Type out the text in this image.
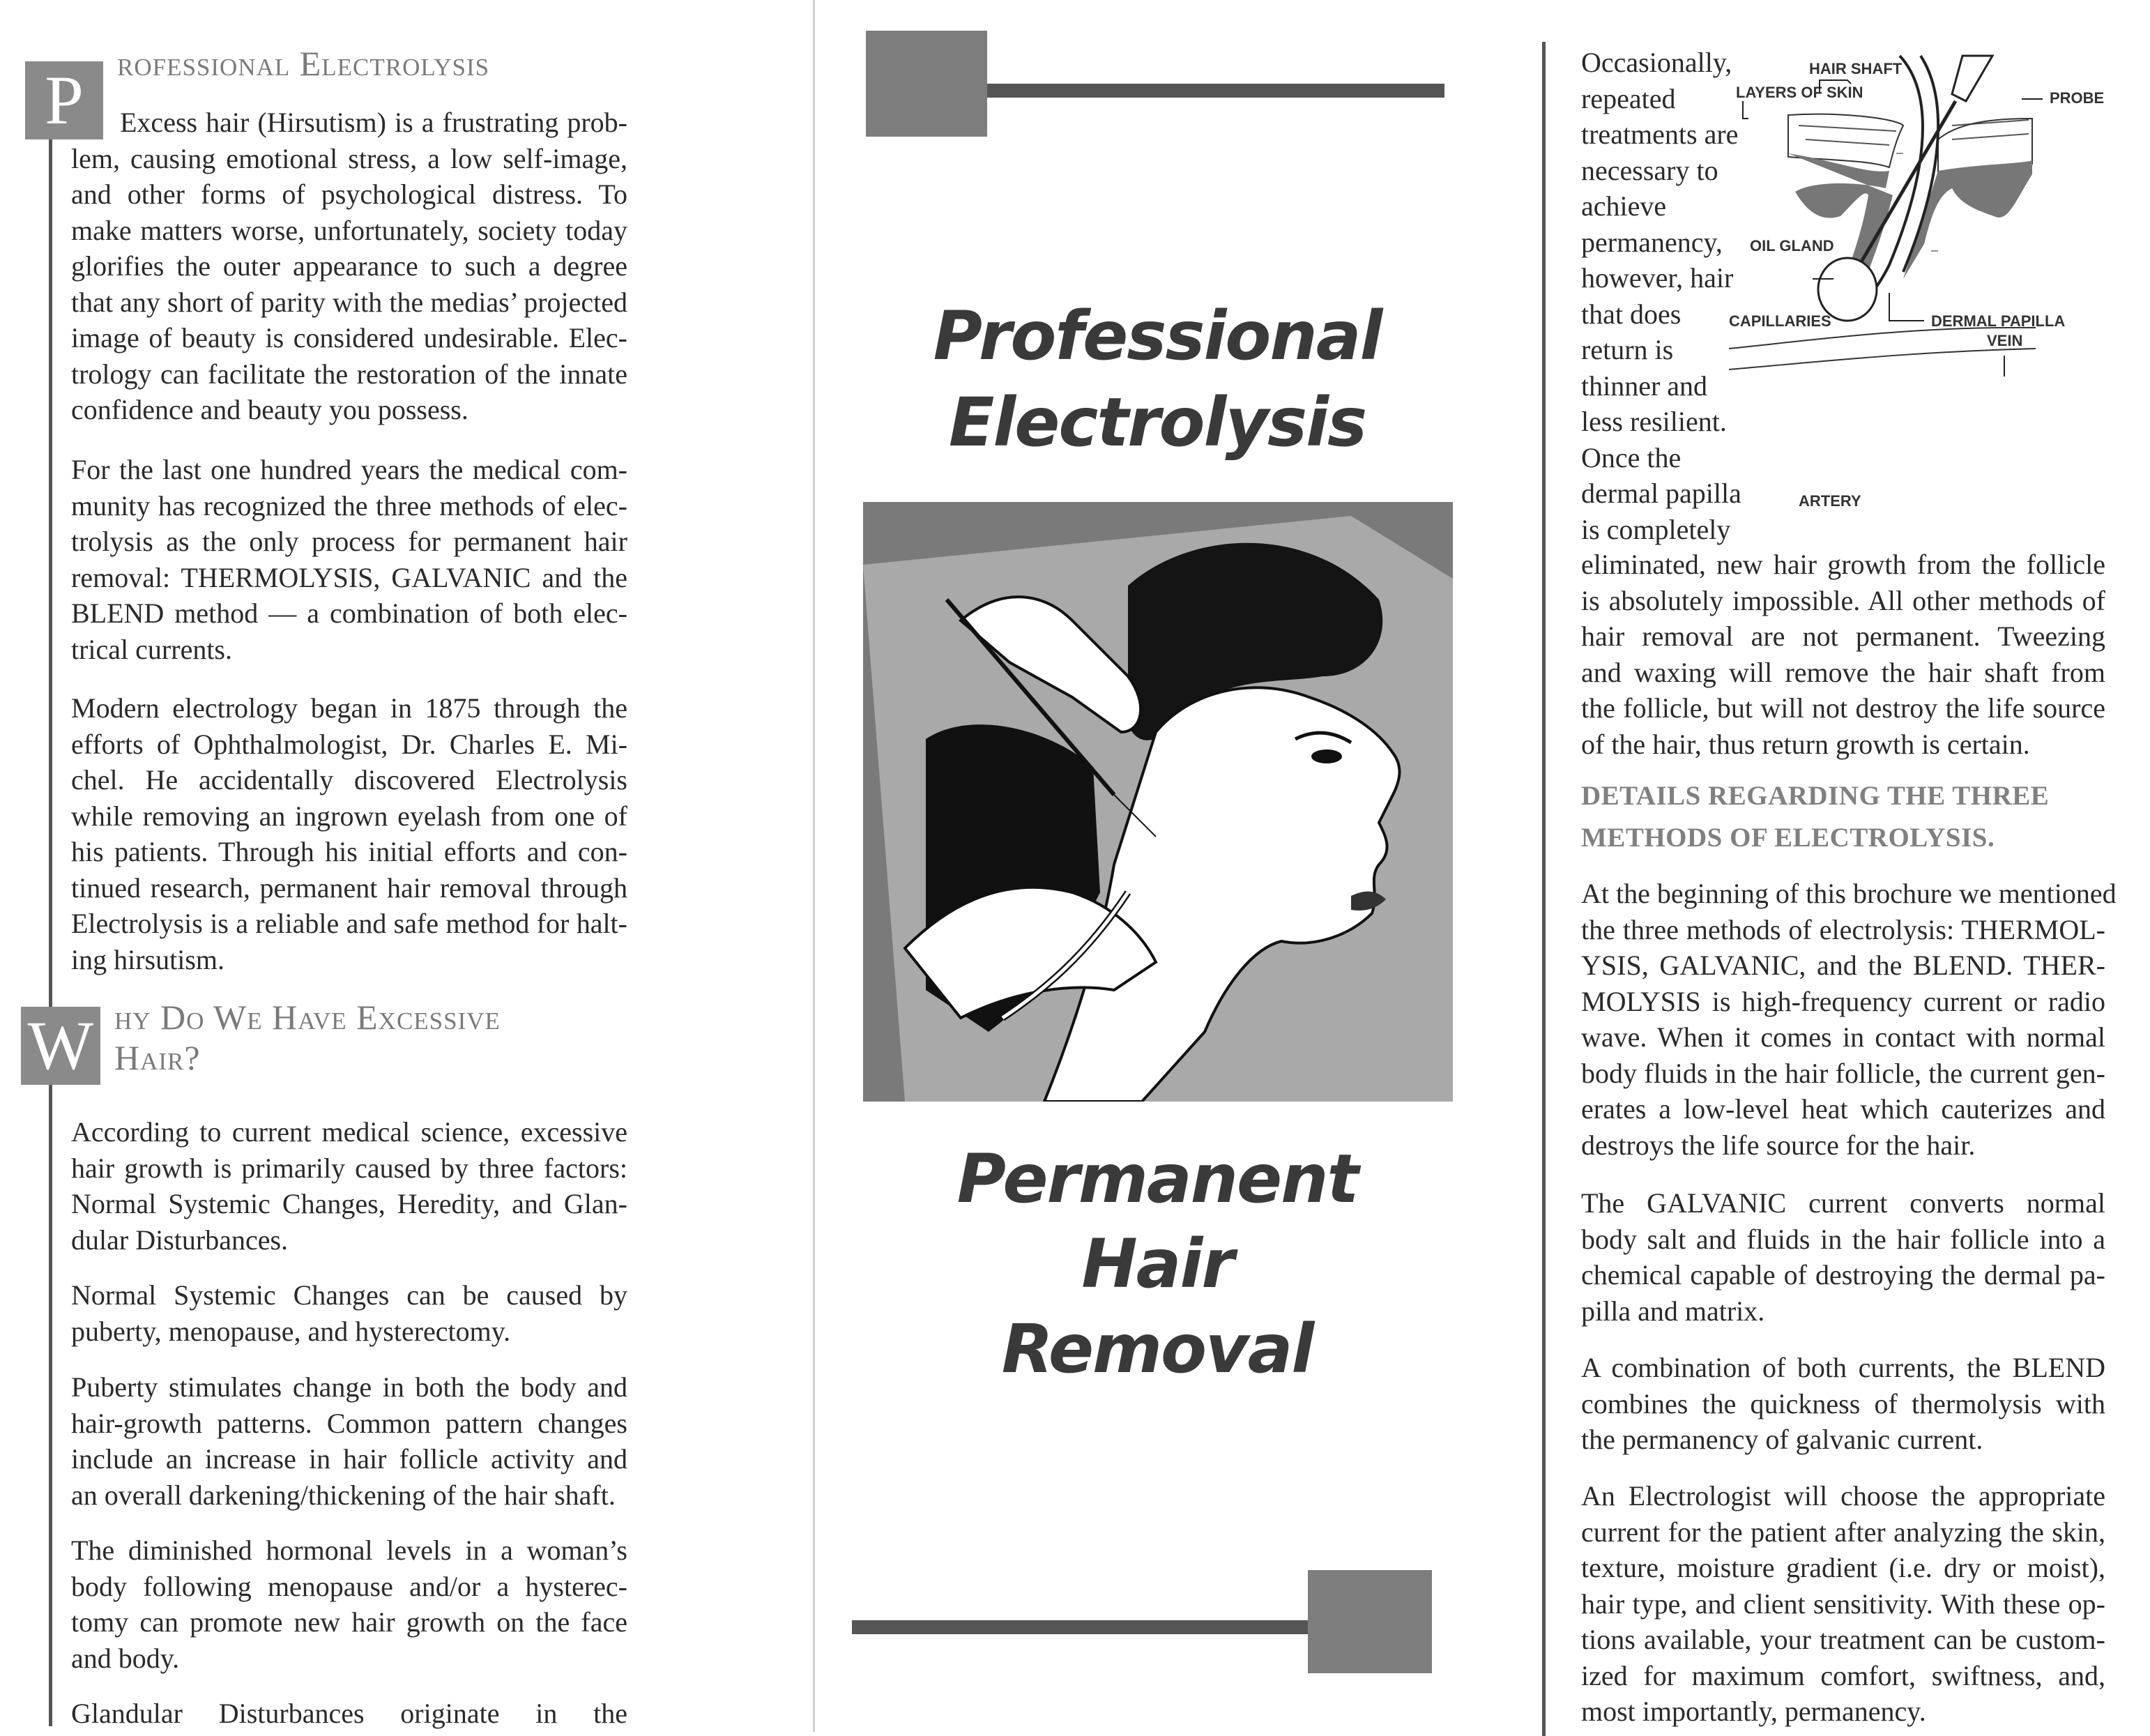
P rofessional Electrolysis
Excess hair (Hirsutism) is a frustrating prob-
lem, causing emotional stress, a low self-image,
and other forms of psychological distress. To
make matters worse, unfortunately, society today
glorifies the outer appearance to such a degree
that any short of parity with the medias’ projected
image of beauty is considered undesirable. Elec-
trology can facilitate the restoration of the innate
confidence and beauty you possess.
For the last one hundred years the medical com-
munity has recognized the three methods of elec-
trolysis as the only process for permanent hair
removal: THERMOLYSIS, GALVANIC and the
BLEND method — a combination of both elec-
trical currents.
Modern electrology began in 1875 through the
efforts of Ophthalmologist, Dr. Charles E. Mi-
chel. He accidentally discovered Electrolysis
while removing an ingrown eyelash from one of
his patients. Through his initial efforts and con-
tinued research, permanent hair removal through
Electrolysis is a reliable and safe method for halt-
ing hirsutism.
W hy Do We Have Excessive
Hair?
According to current medical science, excessive
hair growth is primarily caused by three factors:
Normal Systemic Changes, Heredity, and Glan-
dular Disturbances.
Normal Systemic Changes can be caused by
puberty, menopause, and hysterectomy.
Puberty stimulates change in both the body and
hair-growth patterns. Common pattern changes
include an increase in hair follicle activity and
an overall darkening/thickening of the hair shaft.
The diminished hormonal levels in a woman’s
body following menopause and/or a hysterec-
tomy can promote new hair growth on the face
and body.
Glandular Disturbances originate in the
Professional
Electrolysis
Permanent
Hair
Removal
Occasionally,
repeated
treatments are
necessary to
achieve
permanency,
however, hair
that does
return is
thinner and
less resilient.
Once the
dermal papilla
is completely
HAIR SHAFT
LAYERS OF SKIN	PROBE
OIL GLAND
CAPILLARIES	DERMAL PAPILLA
VEIN
ARTERY
eliminated, new hair growth from the follicle
is absolutely impossible. All other methods of
hair removal are not permanent. Tweezing
and waxing will remove the hair shaft from
the follicle, but will not destroy the life source
of the hair, thus return growth is certain.
DETAILS REGARDING THE THREE
METHODS OF ELECTROLYSIS.
At the beginning of this brochure we mentioned
the three methods of electrolysis: THERMOL-
YSIS, GALVANIC, and the BLEND. THER-
MOLYSIS is high-frequency current or radio
wave. When it comes in contact with normal
body fluids in the hair follicle, the current gen-
erates a low-level heat which cauterizes and
destroys the life source for the hair.
The GALVANIC current converts normal
body salt and fluids in the hair follicle into a
chemical capable of destroying the dermal pa-
pilla and matrix.
A combination of both currents, the BLEND
combines the quickness of thermolysis with
the permanency of galvanic current.
An Electrologist will choose the appropriate
current for the patient after analyzing the skin,
texture, moisture gradient (i.e. dry or moist),
hair type, and client sensitivity. With these op-
tions available, your treatment can be custom-
ized for maximum comfort, swiftness, and,
most importantly, permanency.
